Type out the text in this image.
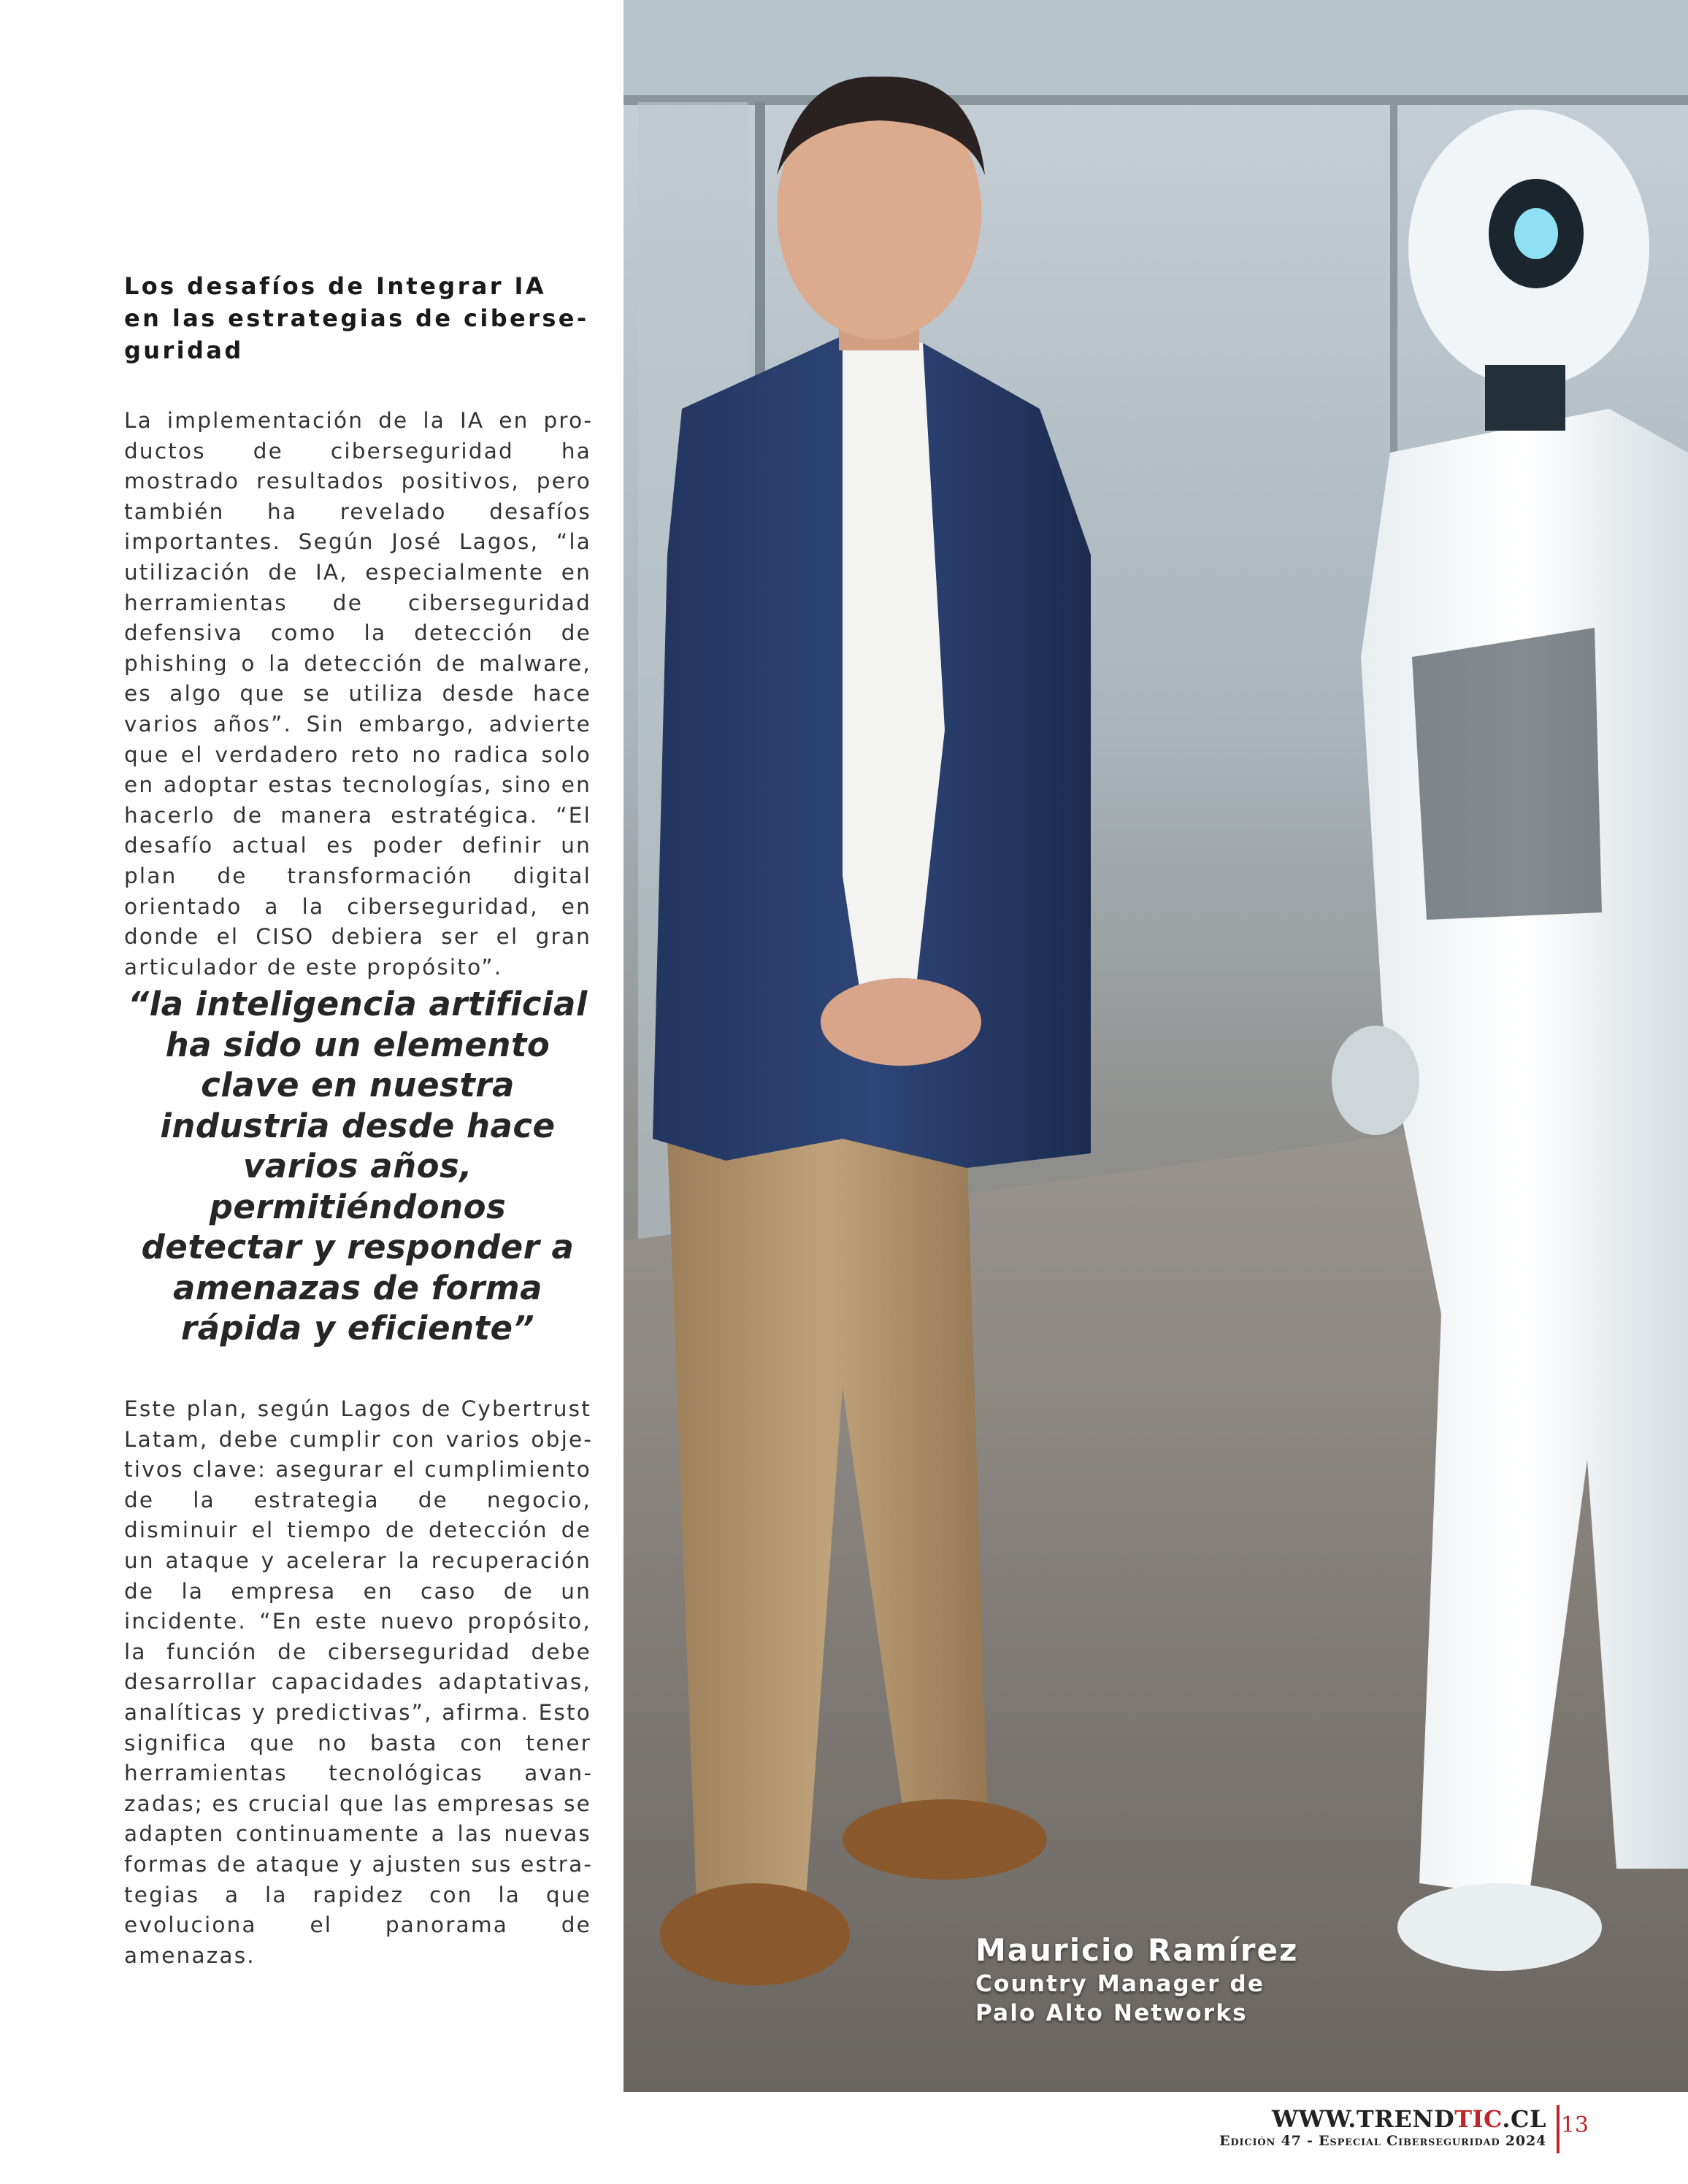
Los desafíos de Integrar IA en las estrategias de ciberseguridad

La implementación de la IA en productos de ciberseguridad ha mostrado resultados positivos, pero también ha revelado desafíos importantes. Según José Lagos, “la utilización de IA, especialmente en herramientas de ciberseguridad defensiva como la detección de phishing o la detección de malware, es algo que se utiliza desde hace varios años”. Sin embargo, advierte que el verdadero reto no radica solo en adoptar estas tecnologías, sino en hacerlo de manera estratégica. “El desafío actual es poder definir un plan de transformación digital orientado a la ciberseguridad, en donde el CISO debiera ser el gran articulador de este propósito”.

“la inteligencia artificial ha sido un elemento clave en nuestra industria desde hace varios años, permitiéndonos detectar y responder a amenazas de forma rápida y eficiente”

Este plan, según Lagos de Cybertrust Latam, debe cumplir con varios objetivos clave: asegurar el cumplimiento de la estrategia de negocio, disminuir el tiempo de detección de un ataque y acelerar la recuperación de la empresa en caso de un incidente. “En este nuevo propósito, la función de ciberseguridad debe desarrollar capacidades adaptativas, analíticas y predictivas”, afirma. Esto significa que no basta con tener herramientas tecnológicas avanzadas; es crucial que las empresas se adapten continuamente a las nuevas formas de ataque y ajusten sus estrategias a la rapidez con la que evoluciona el panorama de amenazas.	Mauricio Ramírez
Country Manager de
Palo Alto Networks
WWW.TRENDTIC.CL
Edición 47 - Especial Ciberseguridad 2024
13
